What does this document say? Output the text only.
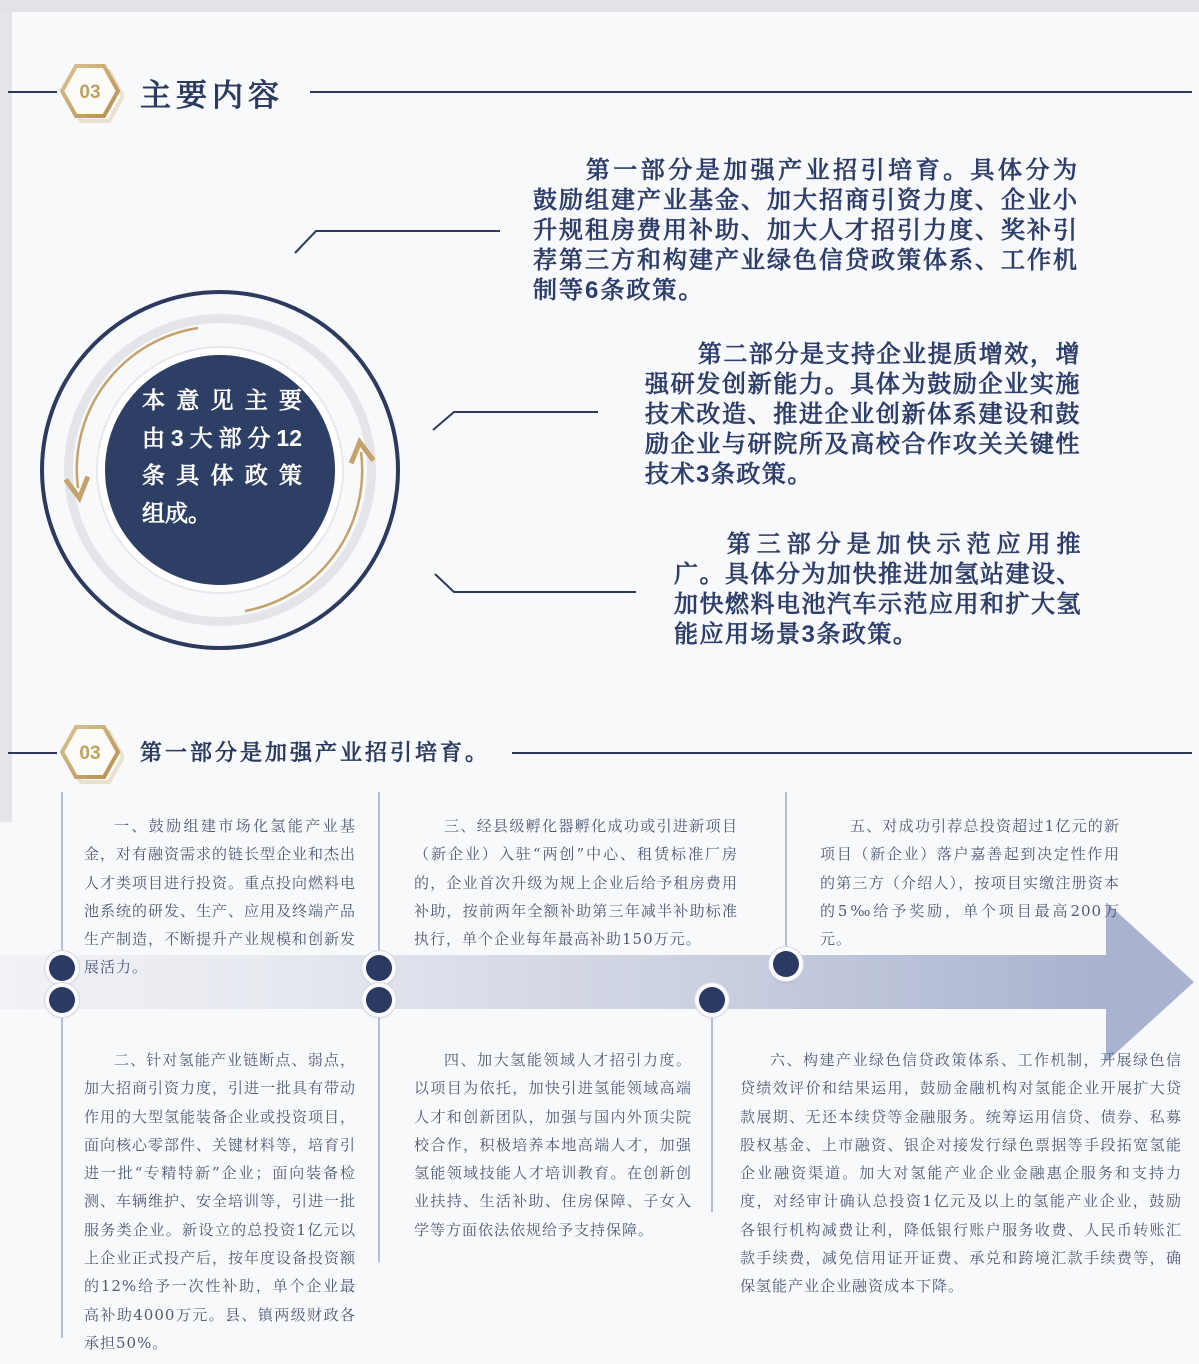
03 主要内容
本意见主要
由3大部分12
条具体政策
组成。
第一部分是加强产业招引培育。具体分为鼓励组建产业基金、加大招商引资力度、企业小升规租房费用补助、加大人才招引力度、奖补引荐第三方和构建产业绿色信贷政策体系、工作机制等6条政策。
第二部分是支持企业提质增效，增强研发创新能力。具体为鼓励企业实施技术改造、推进企业创新体系建设和鼓励企业与研院所及高校合作攻关关键性技术3条政策。
第三部分是加快示范应用推广。具体分为加快推进加氢站建设、加快燃料电池汽车示范应用和扩大氢能应用场景3条政策。
03 第一部分是加强产业招引培育。
一、鼓励组建市场化氢能产业基金，对有融资需求的链长型企业和杰出人才类项目进行投资。重点投向燃料电池系统的研发、生产、应用及终端产品生产制造，不断提升产业规模和创新发展活力。
三、经县级孵化器孵化成功或引进新项目（新企业）入驻“两创”中心、租赁标准厂房的，企业首次升级为规上企业后给予租房费用补助，按前两年全额补助第三年减半补助标准执行，单个企业每年最高补助150万元。
五、对成功引荐总投资超过1亿元的新项目（新企业）落户嘉善起到决定性作用的第三方（介绍人），按项目实缴注册资本的5‰给予奖励，单个项目最高200万元。
二、针对氢能产业链断点、弱点，加大招商引资力度，引进一批具有带动作用的大型氢能装备企业或投资项目，面向核心零部件、关键材料等，培育引进一批“专精特新”企业；面向装备检测、车辆维护、安全培训等，引进一批服务类企业。新设立的总投资1亿元以上企业正式投产后，按年度设备投资额的12%给予一次性补助，单个企业最高补助4000万元。县、镇两级财政各承担50%。
四、加大氢能领域人才招引力度。以项目为依托，加快引进氢能领域高端人才和创新团队，加强与国内外顶尖院校合作，积极培养本地高端人才，加强氢能领域技能人才培训教育。在创新创业扶持、生活补助、住房保障、子女入学等方面依法依规给予支持保障。
六、构建产业绿色信贷政策体系、工作机制，开展绿色信贷绩效评价和结果运用，鼓励金融机构对氢能企业开展扩大贷款展期、无还本续贷等金融服务。统筹运用信贷、债券、私募股权基金、上市融资、银企对接发行绿色票据等手段拓宽氢能企业融资渠道。加大对氢能产业企业金融惠企服务和支持力度，对经审计确认总投资1亿元及以上的氢能产业企业，鼓励各银行机构减费让利，降低银行账户服务收费、人民币转账汇款手续费，减免信用证开证费、承兑和跨境汇款手续费等，确保氢能产业企业融资成本下降。
